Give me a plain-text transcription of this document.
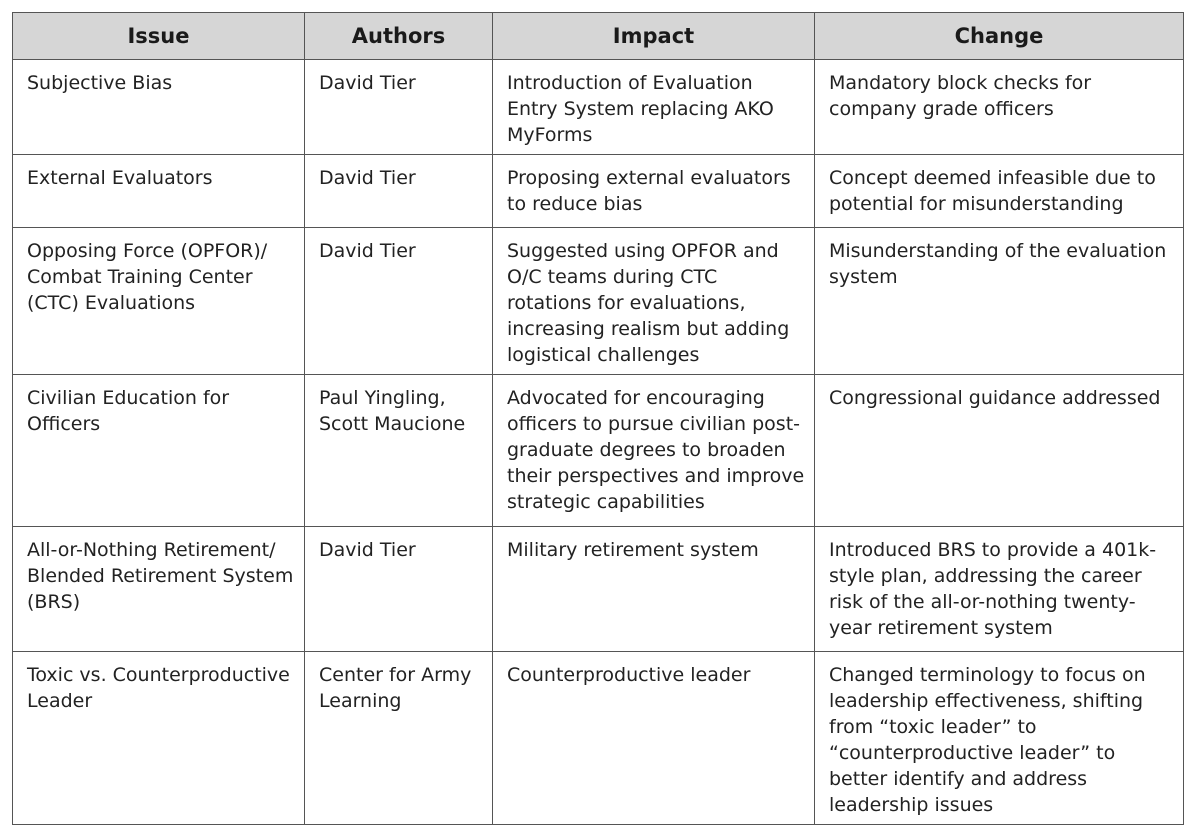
Issue	Authors	Impact	Change
Subjective Bias	David Tier	Introduction of Evaluation Entry System replacing AKO MyForms	Mandatory block checks for company grade officers
External Evaluators	David Tier	Proposing external evaluators to reduce bias	Concept deemed infeasible due to potential for misunderstanding
Opposing Force (OPFOR)/ Combat Training Center (CTC) Evaluations	David Tier	Suggested using OPFOR and O/C teams during CTC rotations for evaluations, increasing realism but adding logistical challenges	Misunderstanding of the evaluation system
Civilian Education for Officers	Paul Yingling, Scott Maucione	Advocated for encouraging officers to pursue civilian post-graduate degrees to broaden their perspectives and improve strategic capabilities	Congressional guidance addressed
All-or-Nothing Retirement/ Blended Retirement System (BRS)	David Tier	Military retirement system	Introduced BRS to provide a 401k-style plan, addressing the career risk of the all-or-nothing twenty-year retirement system
Toxic vs. Counterproductive Leader	Center for Army Learning	Counterproductive leader	Changed terminology to focus on leadership effectiveness, shifting from “toxic leader” to “counterproductive leader” to better identify and address leadership issues
